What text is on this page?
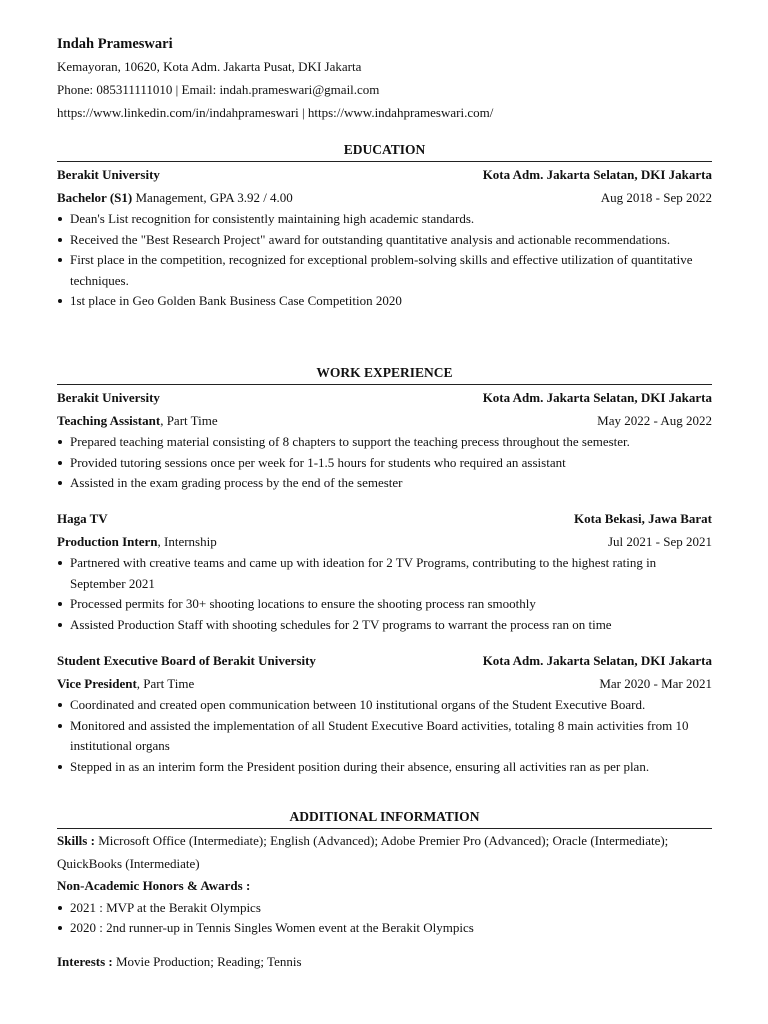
Indah Prameswari
Kemayoran, 10620, Kota Adm. Jakarta Pusat, DKI Jakarta
Phone: 085311111010 | Email: indah.prameswari@gmail.com
https://www.linkedin.com/in/indahprameswari | https://www.indahprameswari.com/
EDUCATION
Berakit University	Kota Adm. Jakarta Selatan, DKI Jakarta
Bachelor (S1) Management, GPA 3.92 / 4.00	Aug 2018 - Sep 2022
Dean's List recognition for consistently maintaining high academic standards.
Received the "Best Research Project" award for outstanding quantitative analysis and actionable recommendations.
First place in the competition, recognized for exceptional problem-solving skills and effective utilization of quantitative techniques.
1st place in Geo Golden Bank Business Case Competition 2020
WORK EXPERIENCE
Berakit University	Kota Adm. Jakarta Selatan, DKI Jakarta
Teaching Assistant, Part Time	May 2022 - Aug 2022
Prepared teaching material consisting of 8 chapters to support the teaching precess throughout the semester.
Provided tutoring sessions once per week for 1-1.5 hours for students who required an assistant
Assisted in the exam grading process by the end of the semester
Haga TV	Kota Bekasi, Jawa Barat
Production Intern, Internship	Jul 2021 - Sep 2021
Partnered with creative teams and came up with ideation for 2 TV Programs, contributing to the highest rating in September 2021
Processed permits for 30+ shooting locations to ensure the shooting process ran smoothly
Assisted Production Staff with shooting schedules for 2 TV programs to warrant the process ran on time
Student Executive Board of Berakit University	Kota Adm. Jakarta Selatan, DKI Jakarta
Vice President, Part Time	Mar 2020 - Mar 2021
Coordinated and created open communication between 10 institutional organs of the Student Executive Board.
Monitored and assisted the implementation of all Student Executive Board activities, totaling 8 main activities from 10 institutional organs
Stepped in as an interim form the President position during their absence, ensuring all activities ran as per plan.
ADDITIONAL INFORMATION
Skills : Microsoft Office (Intermediate); English (Advanced); Adobe Premier Pro (Advanced); Oracle (Intermediate); QuickBooks (Intermediate)
Non-Academic Honors & Awards :
2021 : MVP at the Berakit Olympics
2020 : 2nd runner-up in Tennis Singles Women event at the Berakit Olympics
Interests : Movie Production; Reading; Tennis
